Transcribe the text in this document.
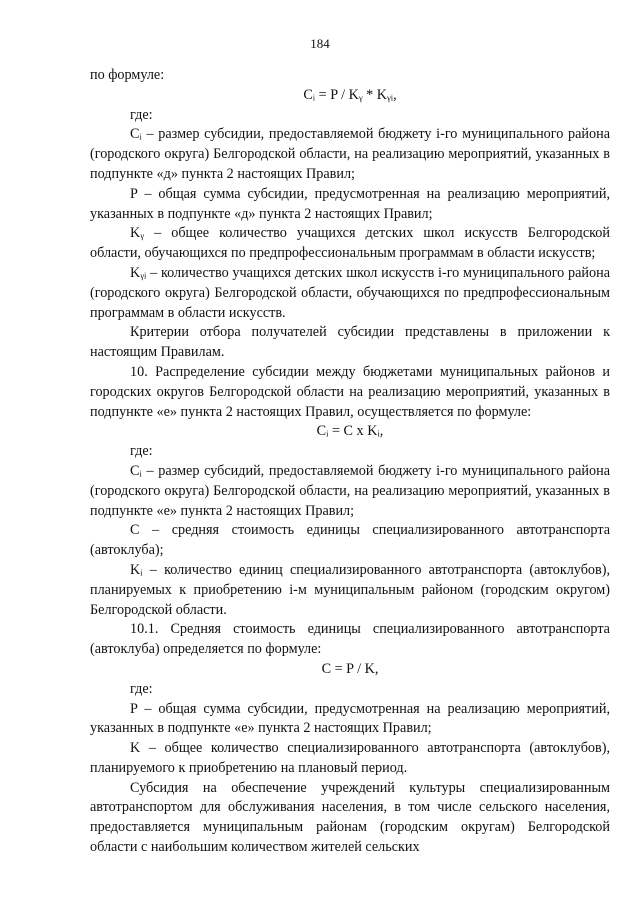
184

по формуле:

Cᵢ = P / Kᵧ * Kᵧᵢ,

где:

Cᵢ – размер субсидии, предоставляемой бюджету i-го муниципального района (городского округа) Белгородской области, на реализацию мероприятий, указанных в подпункте «д» пункта 2 настоящих Правил;

P – общая сумма субсидии, предусмотренная на реализацию мероприятий, указанных в подпункте «д» пункта 2 настоящих Правил;

Kᵧ – общее количество учащихся детских школ искусств Белгородской области, обучающихся по предпрофессиональным программам в области искусств;

Kᵧᵢ – количество учащихся детских школ искусств i-го муниципального района (городского округа) Белгородской области, обучающихся по предпрофессиональным программам в области искусств.

Критерии отбора получателей субсидии представлены в приложении к настоящим Правилам.

10. Распределение субсидии между бюджетами муниципальных районов и городских округов Белгородской области на реализацию мероприятий, указанных в подпункте «е» пункта 2 настоящих Правил, осуществляется по формуле:

Cᵢ = C x Kᵢ,

где:

Cᵢ – размер субсидий, предоставляемой бюджету i-го муниципального района (городского округа) Белгородской области, на реализацию мероприятий, указанных в подпункте «е» пункта 2 настоящих Правил;

C – средняя стоимость единицы специализированного автотранспорта (автоклуба);

Kᵢ – количество единиц специализированного автотранспорта (автоклубов), планируемых к приобретению i-м муниципальным районом (городским округом) Белгородской области.

10.1. Средняя стоимость единицы специализированного автотранспорта (автоклуба) определяется по формуле:

C = P / K,

где:

P – общая сумма субсидии, предусмотренная на реализацию мероприятий, указанных в подпункте «е» пункта 2 настоящих Правил;

K – общее количество специализированного автотранспорта (автоклубов), планируемого к приобретению на плановый период.

Субсидия на обеспечение учреждений культуры специализированным автотранспортом для обслуживания населения, в том числе сельского населения, предоставляется муниципальным районам (городским округам) Белгородской области с наибольшим количеством жителей сельских
